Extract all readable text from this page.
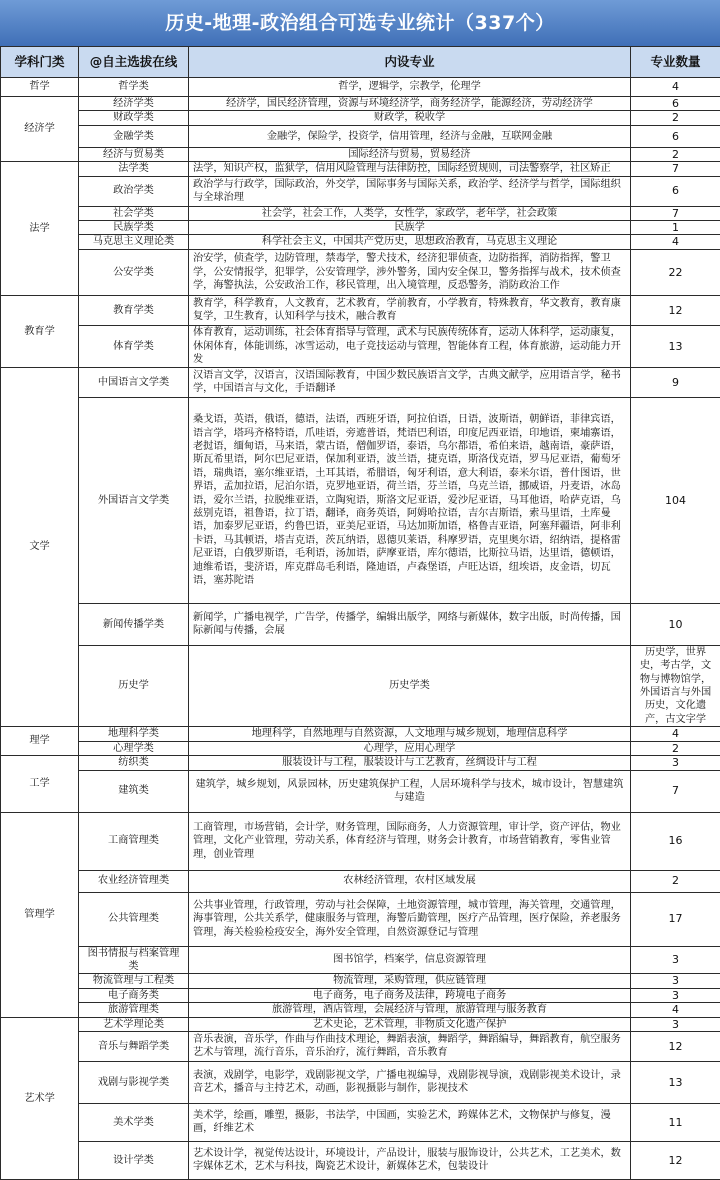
历史-地理-政治组合可选专业统计（337个）
学科门类	@自主选拔在线	内设专业	专业数量	
哲学	哲学类	哲学，逻辑学，宗教学，伦理学	4	
经济学	经济学类	经济学，国民经济管理，资源与环境经济学，商务经济学，能源经济，劳动经济学	6	
	财政学类	财政学，税收学	2	
	金融学类	金融学，保险学，投资学，信用管理，经济与金融，互联网金融	6	
	经济与贸易类	国际经济与贸易，贸易经济	2	
法学	法学类	法学，知识产权，监狱学，信用风险管理与法律防控，国际经贸规则，司法警察学，社区矫正	7	
	政治学类	政治学与行政学，国际政治，外交学，国际事务与国际关系，政治学、经济学与哲学，国际组织与全球治理	6	
	社会学类	社会学，社会工作，人类学，女性学，家政学，老年学，社会政策	7	
	民族学类	民族学	1	
	马克思主义理论类	科学社会主义，中国共产党历史，思想政治教育，马克思主义理论	4	
	公安学类	治安学，侦查学，边防管理，禁毒学，警犬技术，经济犯罪侦查，边防指挥，消防指挥，警卫学，公安情报学，犯罪学，公安管理学，涉外警务，国内安全保卫，警务指挥与战术，技术侦查学，海警执法，公安政治工作，移民管理，出入境管理，反恐警务，消防政治工作	22	
教育学	教育学类	教育学，科学教育，人文教育，艺术教育，学前教育，小学教育，特殊教育，华文教育，教育康复学，卫生教育，认知科学与技术，融合教育	12	
	体育学类	体育教育，运动训练，社会体育指导与管理，武术与民族传统体育，运动人体科学，运动康复，休闲体育，体能训练，冰雪运动，电子竞技运动与管理，智能体育工程，体育旅游，运动能力开发	13	
文学	中国语言文学类	汉语言文学，汉语言，汉语国际教育，中国少数民族语言文学，古典文献学，应用语言学，秘书学，中国语言与文化，手语翻译	9	
	外国语言文学类	桑戈语，英语，俄语，德语，法语，西班牙语，阿拉伯语，日语，波斯语，朝鲜语，菲律宾语，语言学，塔玛齐格特语，爪哇语，旁遮普语，梵语巴利语，印度尼西亚语，印地语，柬埔寨语，老挝语，缅甸语，马来语，蒙古语，僧伽罗语，泰语，乌尔都语，希伯来语，越南语，豪萨语，斯瓦希里语，阿尔巴尼亚语，保加利亚语，波兰语，捷克语，斯洛伐克语，罗马尼亚语，葡萄牙语，瑞典语，塞尔维亚语，土耳其语，希腊语，匈牙利语，意大利语，泰米尔语，普什图语，世界语，孟加拉语，尼泊尔语，克罗地亚语，荷兰语，芬兰语，乌克兰语，挪威语，丹麦语，冰岛语，爱尔兰语，拉脱维亚语，立陶宛语，斯洛文尼亚语，爱沙尼亚语，马耳他语，哈萨克语，乌兹别克语，祖鲁语，拉丁语，翻译，商务英语，阿姆哈拉语，吉尔吉斯语，索马里语，土库曼语，加泰罗尼亚语，约鲁巴语，亚美尼亚语，马达加斯加语，格鲁吉亚语，阿塞拜疆语，阿非利卡语，马其顿语，塔吉克语，茨瓦纳语，恩德贝莱语，科摩罗语，克里奥尔语，绍纳语，提格雷尼亚语，白俄罗斯语，毛利语，汤加语，萨摩亚语，库尔德语，比斯拉马语，达里语，德顿语，迪维希语，斐济语，库克群岛毛利语，隆迪语，卢森堡语，卢旺达语，纽埃语，皮金语，切瓦语，塞苏陀语	104	
	新闻传播学类	新闻学，广播电视学，广告学，传播学，编辑出版学，网络与新媒体，数字出版，时尚传播，国际新闻与传播，会展	10	
	历史学	历史学类	历史学，世界史，考古学，文物与博物馆学，外国语言与外国历史，文化遗产，古文字学	
理学	地理科学类	地理科学，自然地理与自然资源，人文地理与城乡规划，地理信息科学	4	
	心理学类	心理学，应用心理学	2	
工学	纺织类	服装设计与工程，服装设计与工艺教育，丝绸设计与工程	3	
	建筑类	建筑学，城乡规划，风景园林，历史建筑保护工程，人居环境科学与技术，城市设计，智慧建筑与建造	7	
管理学	工商管理类	工商管理，市场营销，会计学，财务管理，国际商务，人力资源管理，审计学，资产评估，物业管理，文化产业管理，劳动关系，体育经济与管理，财务会计教育，市场营销教育，零售业管理，创业管理	16	
	农业经济管理类	农林经济管理，农村区域发展	2	
	公共管理类	公共事业管理，行政管理，劳动与社会保障，土地资源管理，城市管理，海关管理，交通管理，海事管理，公共关系学，健康服务与管理，海警后勤管理，医疗产品管理，医疗保险，养老服务管理，海关检验检疫安全，海外安全管理，自然资源登记与管理	17	
	图书情报与档案管理类	图书馆学，档案学，信息资源管理	3	
	物流管理与工程类	物流管理，采购管理，供应链管理	3	
	电子商务类	电子商务，电子商务及法律，跨境电子商务	3	
	旅游管理类	旅游管理，酒店管理，会展经济与管理，旅游管理与服务教育	4	
艺术学	艺术学理论类	艺术史论，艺术管理，非物质文化遗产保护	3	
	音乐与舞蹈学类	音乐表演，音乐学，作曲与作曲技术理论，舞蹈表演，舞蹈学，舞蹈编导，舞蹈教育，航空服务艺术与管理，流行音乐，音乐治疗，流行舞蹈，音乐教育	12	
	戏剧与影视学类	表演，戏剧学，电影学，戏剧影视文学，广播电视编导，戏剧影视导演，戏剧影视美术设计，录音艺术，播音与主持艺术，动画，影视摄影与制作，影视技术	13	
	美术学类	美术学，绘画，雕塑，摄影，书法学，中国画，实验艺术，跨媒体艺术，文物保护与修复，漫画，纤维艺术	11	
	设计学类	艺术设计学，视觉传达设计，环境设计，产品设计，服装与服饰设计，公共艺术，工艺美术，数字媒体艺术，艺术与科技，陶瓷艺术设计，新媒体艺术，包装设计	12	
